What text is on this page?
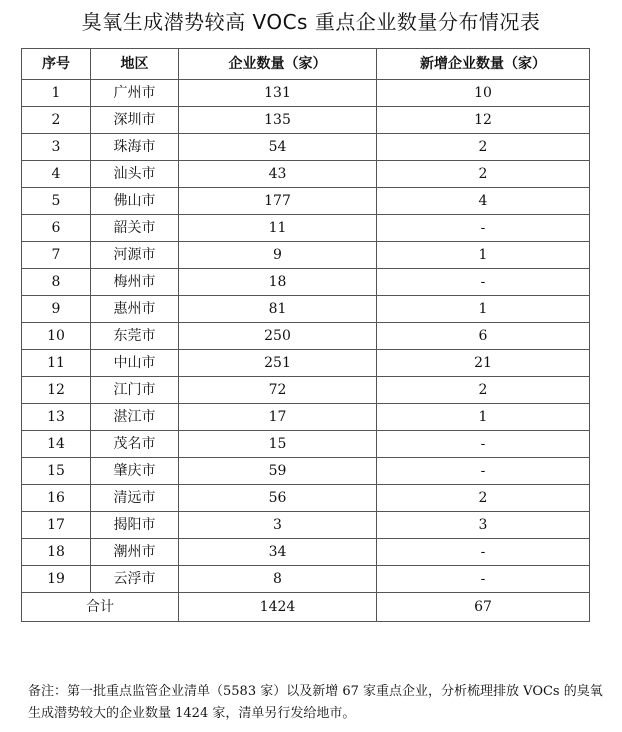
臭氧生成潜势较高 VOCs 重点企业数量分布情况表
序号	地区	企业数量（家）	新增企业数量（家）
1	广州市	131	10
2	深圳市	135	12
3	珠海市	54	2
4	汕头市	43	2
5	佛山市	177	4
6	韶关市	11	-
7	河源市	9	1
8	梅州市	18	-
9	惠州市	81	1
10	东莞市	250	6
11	中山市	251	21
12	江门市	72	2
13	湛江市	17	1
14	茂名市	15	-
15	肇庆市	59	-
16	清远市	56	2
17	揭阳市	3	3
18	潮州市	34	-
19	云浮市	8	-
合计		1424	67
备注：第一批重点监管企业清单（5583 家）以及新增 67 家重点企业，分析梳理排放 VOCs 的臭氧生成潜势较大的企业数量 1424 家，清单另行发给地市。
